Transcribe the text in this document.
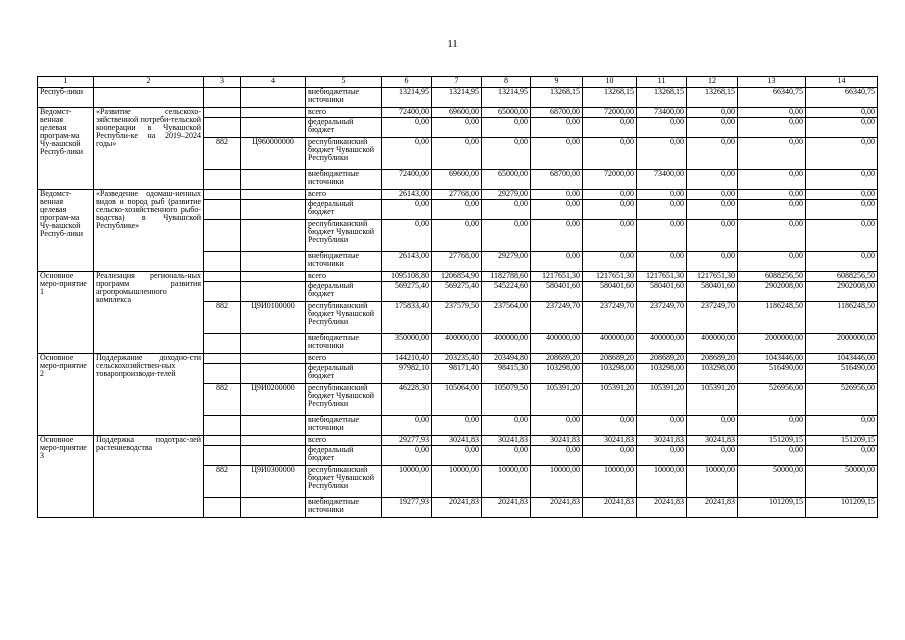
11
1	2	3	4	5	6	7	8	9	10	11	12	13	14
Респуб-лики				внебюджетные источники	13214,95	13214,95	13214,95	13268,15	13268,15	13268,15	13268,15	66340,75	66340,75
Ведомст-венная целевая програм-ма Чу-вашской Респуб-лики	«Развитие сельскохо-зяйственной потреби-тельской кооперации в Чувашской Республи-ке на 2019–2024 годы»			всего	72400,00	69600,00	65000,00	68700,00	72000,00	73400,00	0,00	0,00	0,00
				федеральный бюджет	0,00	0,00	0,00	0,00	0,00	0,00	0,00	0,00	0,00
		882	Ц960000000	республиканский бюджет Чувашской Республики	0,00	0,00	0,00	0,00	0,00	0,00	0,00	0,00	0,00
				внебюджетные источники	72400,00	69600,00	65000,00	68700,00	72000,00	73400,00	0,00	0,00	0,00
Ведомст-венная целевая програм-ма Чу-вашской Респуб-лики	«Разведение одомаш-ненных видов и пород рыб (развитие сельско-хозяйственного рыбо-водства) в Чувашской Республике»			всего	26143,00	27768,00	29279,00	0,00	0,00	0,00	0,00	0,00	0,00
				федеральный бюджет	0,00	0,00	0,00	0,00	0,00	0,00	0,00	0,00	0,00
				республиканский бюджет Чувашской Республики	0,00	0,00	0,00	0,00	0,00	0,00	0,00	0,00	0,00
				внебюджетные источники	26143,00	27768,00	29279,00	0,00	0,00	0,00	0,00	0,00	0,00
Основное меро-приятие 1	Реализация региональ-ных программ развития агропромышленного комплекса			всего	1095108,80	1206854,90	1182788,60	1217651,30	1217651,30	1217651,30	1217651,30	6088256,50	6088256,50
				федеральный бюджет	569275,40	569275,40	545224,60	580401,60	580401,60	580401,60	580401,60	2902008,00	2902008,00
		882	Ц9И0100000	республиканский бюджет Чувашской Республики	175833,40	237579,50	237564,00	237249,70	237249,70	237249,70	237249,70	1186248,50	1186248,50
				внебюджетные источники	350000,00	400000,00	400000,00	400000,00	400000,00	400000,00	400000,00	2000000,00	2000000,00
Основное меро-приятие 2	Поддержание доходно-сти сельскохозяйствен-ных товаропроизводи-телей			всего	144210,40	203235,40	203494,80	208689,20	208689,20	208689,20	208689,20	1043446,00	1043446,00
				федеральный бюджет	97982,10	98171,40	98415,30	103298,00	103298,00	103298,00	103298,00	516490,00	516490,00
		882	Ц9И0200000	республиканский бюджет Чувашской Республики	46228,30	105064,00	105079,50	105391,20	105391,20	105391,20	105391,20	526956,00	526956,00
				внебюджетные источники	0,00	0,00	0,00	0,00	0,00	0,00	0,00	0,00	0,00
Основное меро-приятие 3	Поддержка подотрас-лей растениеводства			всего	29277,93	30241,83	30241,83	30241,83	30241,83	30241,83	30241,83	151209,15	151209,15
				федеральный бюджет	0,00	0,00	0,00	0,00	0,00	0,00	0,00	0,00	0,00
		882	Ц9И0300000	республиканский бюджет Чувашской Республики	10000,00	10000,00	10000,00	10000,00	10000,00	10000,00	10000,00	50000,00	50000,00
				внебюджетные источники	19277,93	20241,83	20241,83	20241,83	20241,83	20241,83	20241,83	101209,15	101209,15
